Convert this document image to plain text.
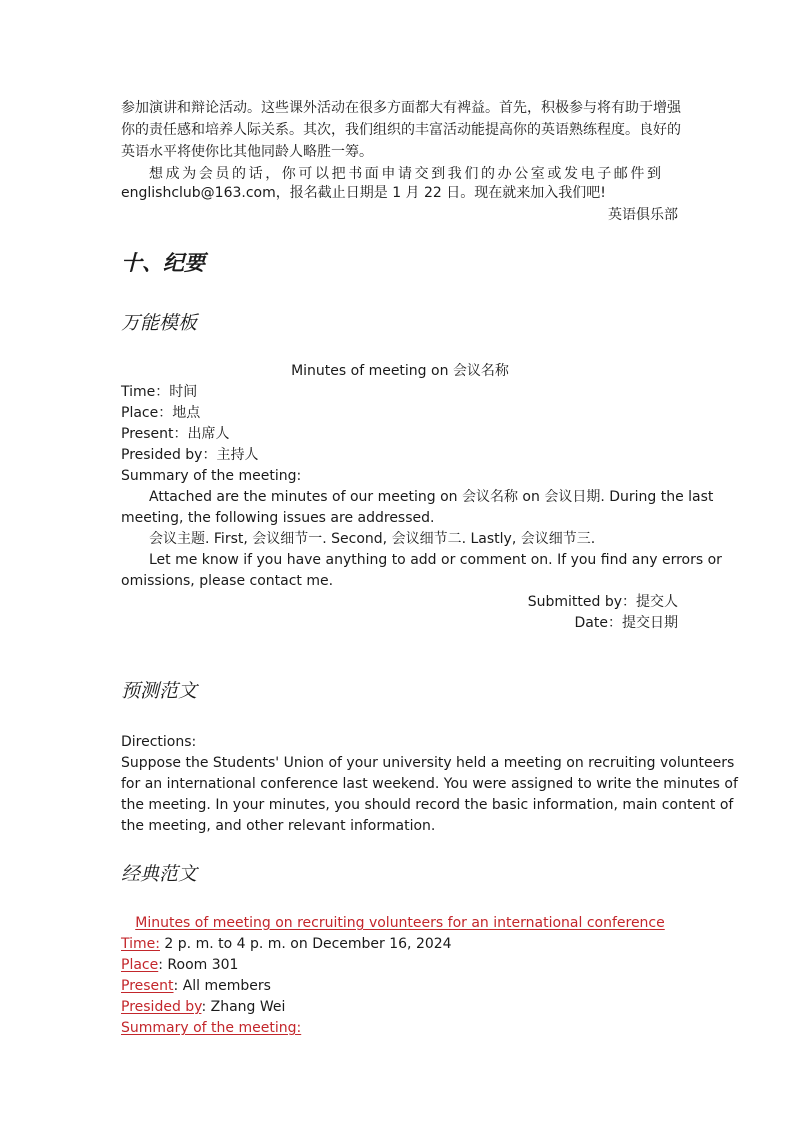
参加演讲和辩论活动。这些课外活动在很多方面都大有裨益。首先，积极参与将有助于增强
你的责任感和培养人际关系。其次，我们组织的丰富活动能提高你的英语熟练程度。良好的
英语水平将使你比其他同龄人略胜一筹。
想成为会员的话，你可以把书面申请交到我们的办公室或发电子邮件到
englishclub@163.com，报名截止日期是 1 月 22 日。现在就来加入我们吧!
英语俱乐部
十、纪要
万能模板
Minutes of meeting on 会议名称
Time：时间
Place：地点
Present：出席人
Presided by：主持人
Summary of the meeting:
Attached are the minutes of our meeting on 会议名称 on 会议日期. During the last
meeting, the following issues are addressed.
会议主题. First, 会议细节一. Second, 会议细节二. Lastly, 会议细节三.
Let me know if you have anything to add or comment on. If you find any errors or
omissions, please contact me.
Submitted by：提交人
Date：提交日期
预测范文
Directions:
Suppose the Students' Union of your university held a meeting on recruiting volunteers
for an international conference last weekend. You were assigned to write the minutes of
the meeting. In your minutes, you should record the basic information, main content of
the meeting, and other relevant information.
经典范文
Minutes of meeting on recruiting volunteers for an international conference
Time: 2 p. m. to 4 p. m. on December 16, 2024
Place: Room 301
Present: All members
Presided by: Zhang Wei
Summary of the meeting:
